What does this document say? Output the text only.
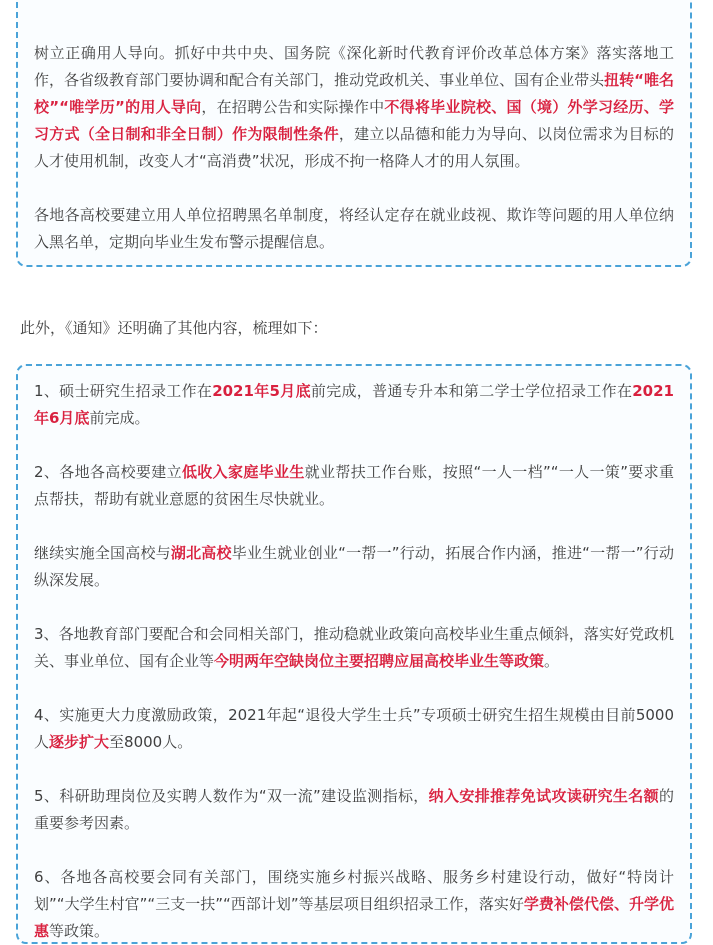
树立正确用人导向。抓好中共中央、国务院《深化新时代教育评价改革总体方案》落实落地工作，各省级教育部门要协调和配合有关部门，推动党政机关、事业单位、国有企业带头扭转“唯名校”“唯学历”的用人导向，在招聘公告和实际操作中不得将毕业院校、国（境）外学习经历、学习方式（全日制和非全日制）作为限制性条件，建立以品德和能力为导向、以岗位需求为目标的人才使用机制，改变人才“高消费”状况，形成不拘一格降人才的用人氛围。

各地各高校要建立用人单位招聘黑名单制度，将经认定存在就业歧视、欺诈等问题的用人单位纳入黑名单，定期向毕业生发布警示提醒信息。

此外，《通知》还明确了其他内容，梳理如下：

1、硕士研究生招录工作在2021年5月底前完成，普通专升本和第二学士学位招录工作在2021年6月底前完成。

2、各地各高校要建立低收入家庭毕业生就业帮扶工作台账，按照“一人一档”“一人一策”要求重点帮扶，帮助有就业意愿的贫困生尽快就业。

继续实施全国高校与湖北高校毕业生就业创业“一帮一”行动，拓展合作内涵，推进“一帮一”行动纵深发展。

3、各地教育部门要配合和会同相关部门，推动稳就业政策向高校毕业生重点倾斜，落实好党政机关、事业单位、国有企业等今明两年空缺岗位主要招聘应届高校毕业生等政策。

4、实施更大力度激励政策，2021年起“退役大学生士兵”专项硕士研究生招生规模由目前5000人逐步扩大至8000人。

5、科研助理岗位及实聘人数作为“双一流”建设监测指标，纳入安排推荐免试攻读研究生名额的重要参考因素。

6、各地各高校要会同有关部门，围绕实施乡村振兴战略、服务乡村建设行动，做好“特岗计划”“大学生村官”“三支一扶”“西部计划”等基层项目组织招录工作，落实好学费补偿代偿、升学优惠等政策。
